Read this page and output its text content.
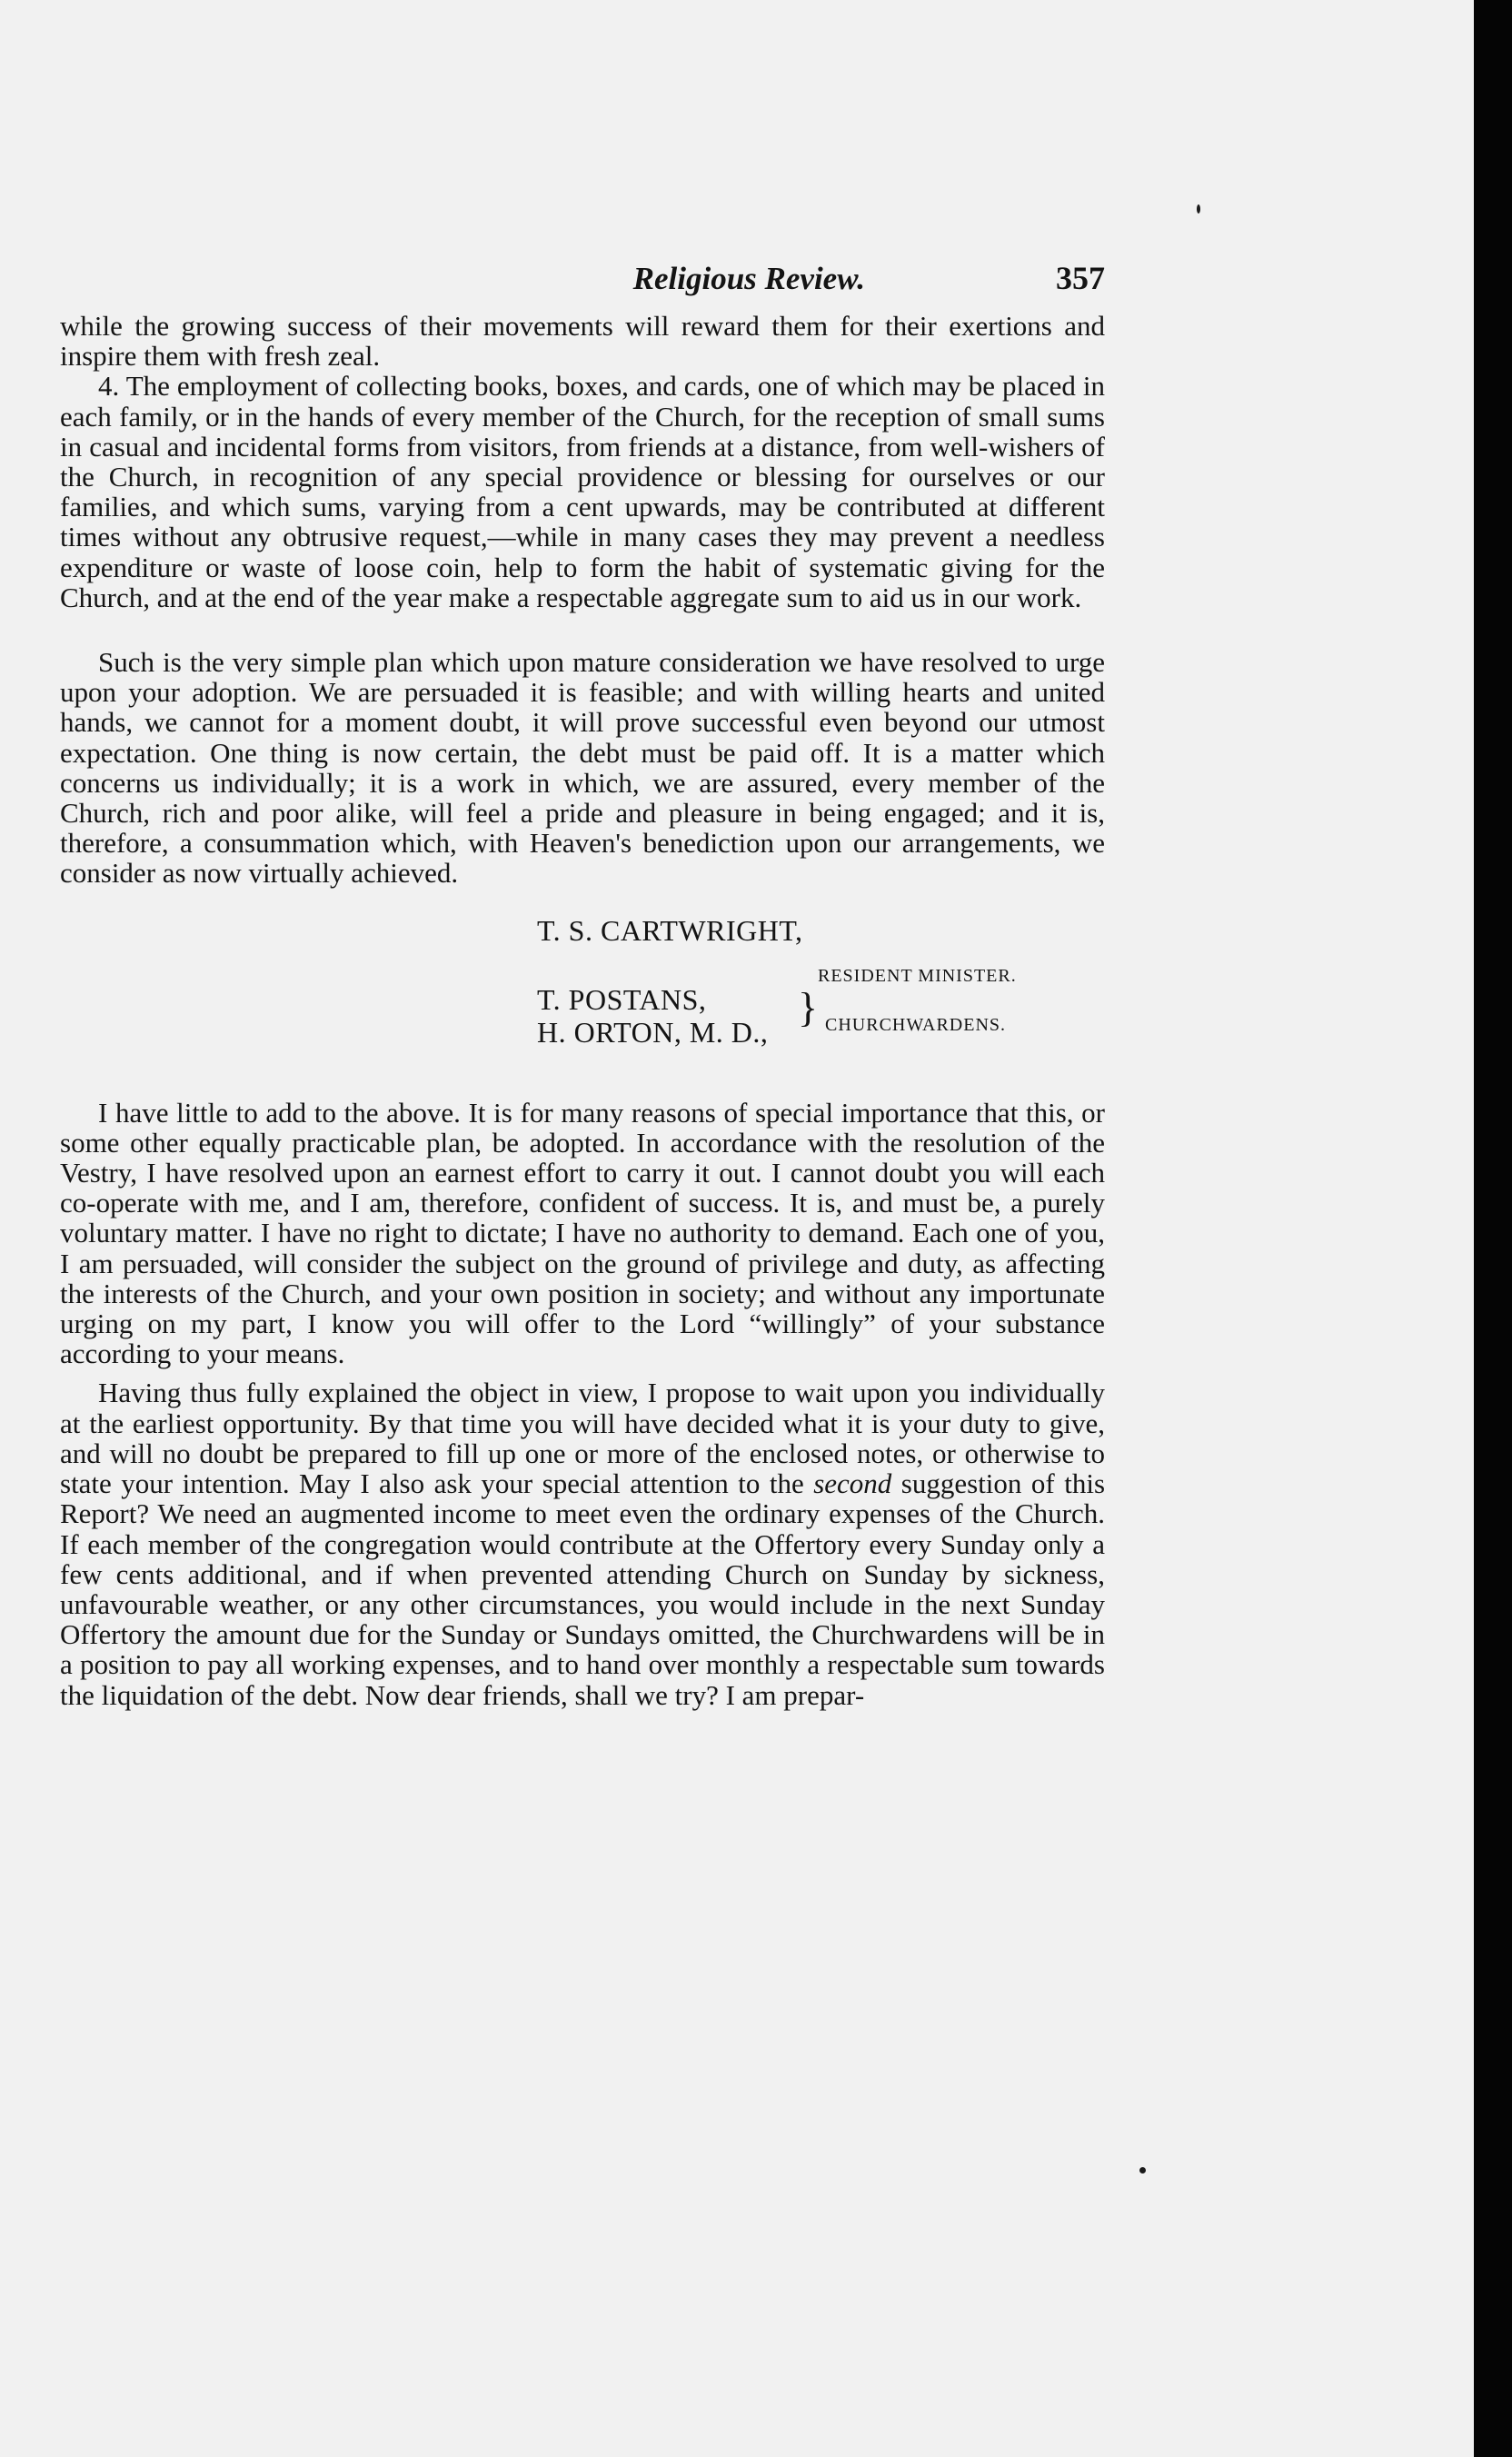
Religious Review.	357

while the growing success of their movements will reward them for their exertions and inspire them with fresh zeal.

4. The employment of collecting books, boxes, and cards, one of which may be placed in each family, or in the hands of every member of the Church, for the reception of small sums in casual and incidental forms from visitors, from friends at a distance, from well-wishers of the Church, in recognition of any special providence or blessing for ourselves or our families, and which sums, varying from a cent upwards, may be contributed at different times without any obtrusive request,—while in many cases they may prevent a needless expenditure or waste of loose coin, help to form the habit of systematic giving for the Church, and at the end of the year make a respectable aggregate sum to aid us in our work.

Such is the very simple plan which upon mature consideration we have resolved to urge upon your adoption. We are persuaded it is feasible; and with willing hearts and united hands, we cannot for a moment doubt, it will prove successful even beyond our utmost expectation. One thing is now certain, the debt must be paid off. It is a matter which concerns us individually; it is a work in which, we are assured, every member of the Church, rich and poor alike, will feel a pride and pleasure in being engaged; and it is, therefore, a consummation which, with Heaven's benediction upon our arrangements, we consider as now virtually achieved.

T. S. CARTWRIGHT,
RESIDENT MINISTER.
T. POSTANS,
H. ORTON, M. D.,
} CHURCHWARDENS.

I have little to add to the above. It is for many reasons of special importance that this, or some other equally practicable plan, be adopted. In accordance with the resolution of the Vestry, I have resolved upon an earnest effort to carry it out. I cannot doubt you will each co-operate with me, and I am, therefore, confident of success. It is, and must be, a purely voluntary matter. I have no right to dictate; I have no authority to demand. Each one of you, I am persuaded, will consider the subject on the ground of privilege and duty, as affecting the interests of the Church, and your own position in society; and without any importunate urging on my part, I know you will offer to the Lord “willingly” of your substance according to your means.

Having thus fully explained the object in view, I propose to wait upon you individually at the earliest opportunity. By that time you will have decided what it is your duty to give, and will no doubt be prepared to fill up one or more of the enclosed notes, or otherwise to state your intention. May I also ask your special attention to the second suggestion of this Report? We need an augmented income to meet even the ordinary expenses of the Church. If each member of the congregation would contribute at the Offertory every Sunday only a few cents additional, and if when prevented attending Church on Sunday by sickness, unfavourable weather, or any other circumstances, you would include in the next Sunday Offertory the amount due for the Sunday or Sundays omitted, the Churchwardens will be in a position to pay all working expenses, and to hand over monthly a respectable sum towards the liquidation of the debt. Now dear friends, shall we try? I am prepar-
